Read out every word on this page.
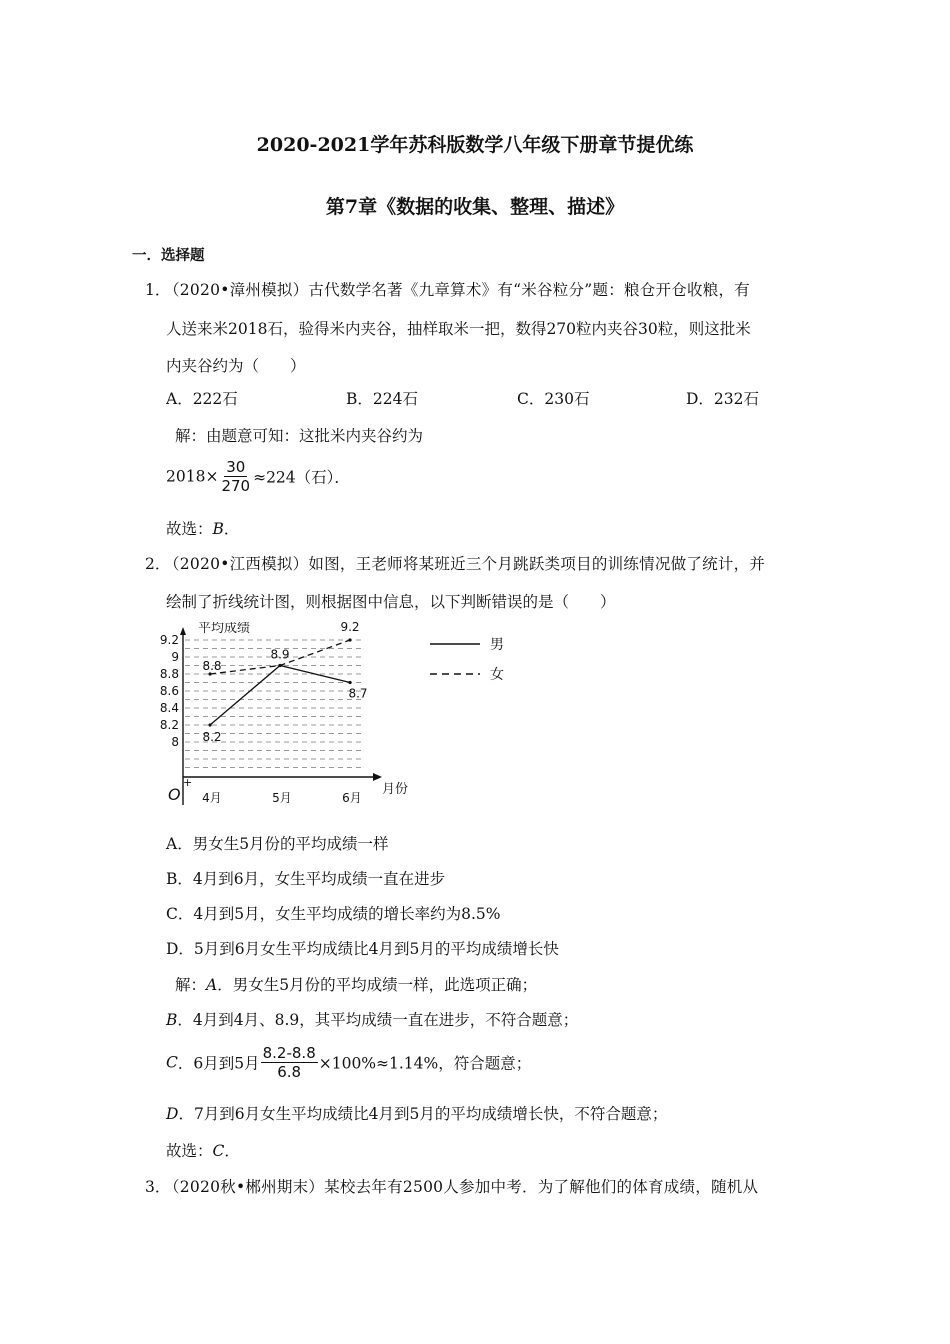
2020-2021学年苏科版数学八年级下册章节提优练
第7章《数据的收集、整理、描述》
一．选择题
1．
（2020•漳州模拟）古代数学名著《九章算术》有“米谷粒分”题：粮仓开仓收粮，有
人送来米2018石，验得米内夹谷，抽样取米一把，数得270粒内夹谷30粒，则这批米
内夹谷约为（　　）
A．222石	B．224石	C．230石	D．232石
解：由题意可知：这批米内夹谷约为
$2018\times \frac{30}{270} \approx 224$（石）．
故选：B．
2．
（2020•江西模拟）如图，王老师将某班近三个月跳跃类项目的训练情况做了统计，并
绘制了折线统计图，则根据图中信息，以下判断错误的是（　　）
平均成绩
月份
O
+
9.2
9
8.8
8.6
8.4
8.2
8
4月	5月	6月
8.2
8.9
8.7
8.8
9.2
男
女
A．男女生5月份的平均成绩一样
B．4月到6月，女生平均成绩一直在进步
C．4月到5月，女生平均成绩的增长率约为8.5%
D．5月到6月女生平均成绩比4月到5月的平均成绩增长快
解：A．男女生5月份的平均成绩一样，此选项正确；
B．4月到4月、8.9，其平均成绩一直在进步，不符合题意；
C．6月到5月 $\frac{8.2-8.8}{6.8} \times 100\%\approx 1.14\%$，符合题意；
D．7月到6月女生平均成绩比4月到5月的平均成绩增长快，不符合题意；
故选：C．
3．
（2020秋•郴州期末）某校去年有2500人参加中考．为了解他们的体育成绩，随机从
